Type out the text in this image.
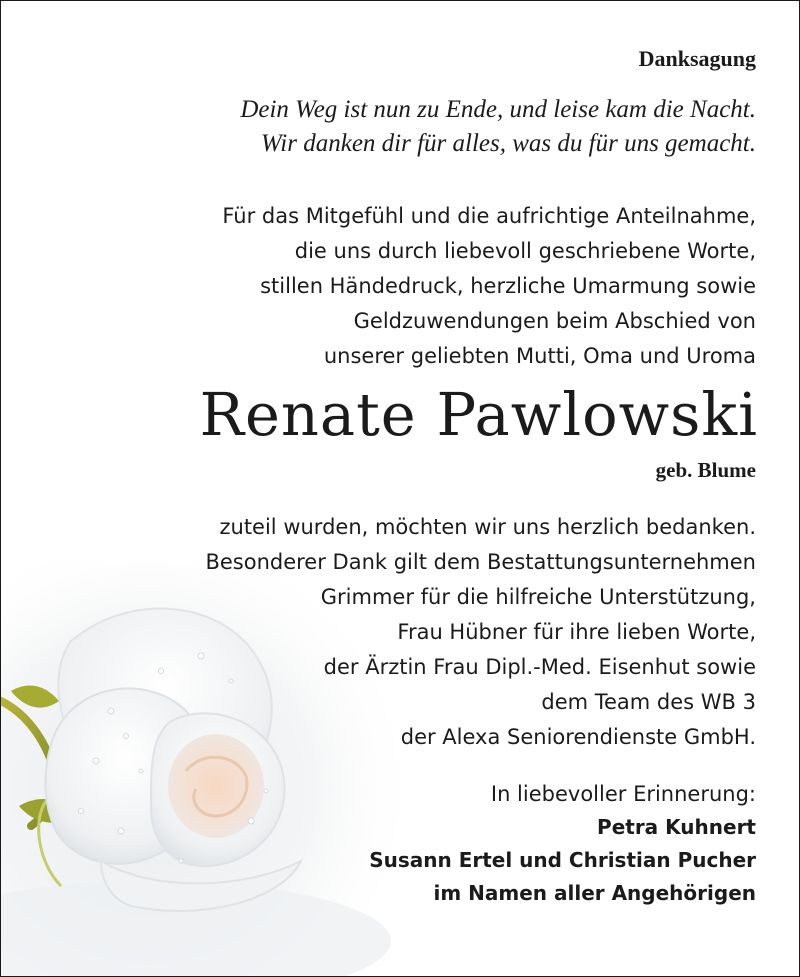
Danksagung

Dein Weg ist nun zu Ende, und leise kam die Nacht.
Wir danken dir für alles, was du für uns gemacht.
Für das Mitgefühl und die aufrichtige Anteilnahme,
die uns durch liebevoll geschriebene Worte,
stillen Händedruck, herzliche Umarmung sowie
Geldzuwendungen beim Abschied von
unserer geliebten Mutti, Oma und Uroma
Renate Pawlowski
geb. Blume
zuteil wurden, möchten wir uns herzlich bedanken.
Besonderer Dank gilt dem Bestattungsunternehmen
Grimmer für die hilfreiche Unterstützung,
Frau Hübner für ihre lieben Worte,
der Ärztin Frau Dipl.-Med. Eisenhut sowie
dem Team des WB 3
der Alexa Seniorendienste GmbH.
In liebevoller Erinnerung:
Petra Kuhnert
Susann Ertel und Christian Pucher
im Namen aller Angehörigen
